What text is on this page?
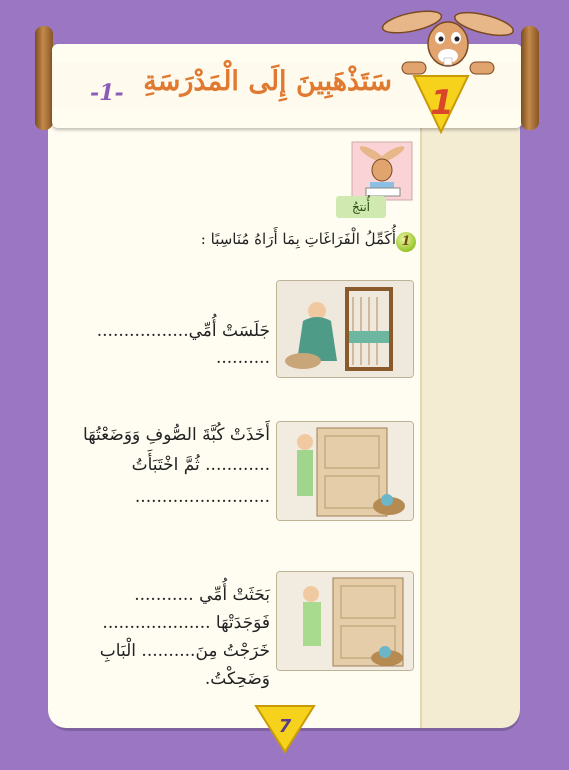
سَتَذْهَبِينَ إِلَى الْمَدْرَسَةِ
-1-	1
أُنتجُ
1
أُكَمِّلُ الْفَرَاغَاتِ بِمَا أَرَاهُ مُنَاسِبًا :
جَلَسَتْ أُمِّي................. ..........
أَخَذَتْ كُبَّةَ الصُّوفِ وَوَضَعْتُهَا
............ ثُمَّ اخْتَبَأَتُ
.........................
بَحَثَتْ أُمِّي ...........
فَوَجَدَتْهَا ....................
خَرَجْتُ مِنَ.......... الْبَابِ
وَضَحِكْتُ.
7
